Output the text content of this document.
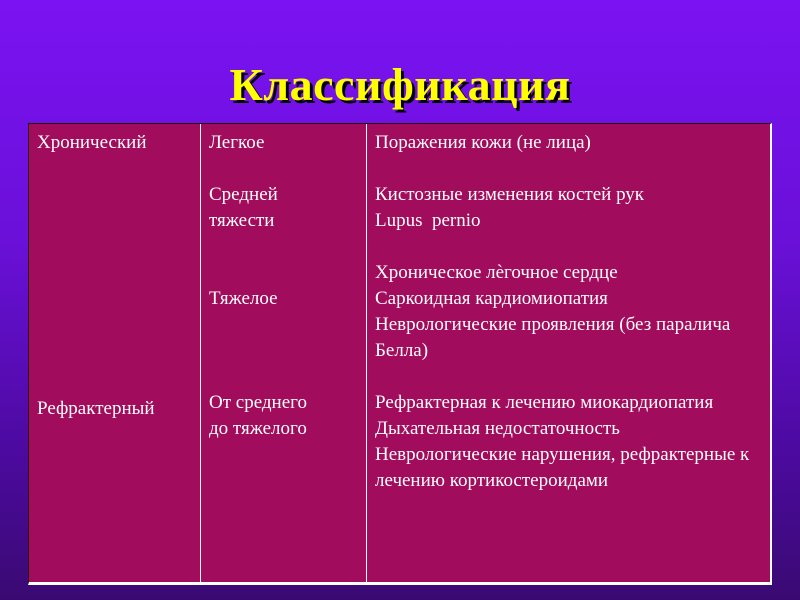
Классификация
Хронический
Рефрактерный
Легкое

Средней
тяжести

Тяжелое

От среднего
до тяжелого
Поражения кожи (не лица)

Кистозные изменения костей рук
Lupus  pernio

Хроническое лѐгочное сердце
Саркоидная кардиомиопатия
Неврологические проявления (без паралича Белла)

Рефрактерная к лечению миокардиопатия
Дыхательная недостаточность
Неврологические нарушения, рефрактерные к лечению кортикостероидами
